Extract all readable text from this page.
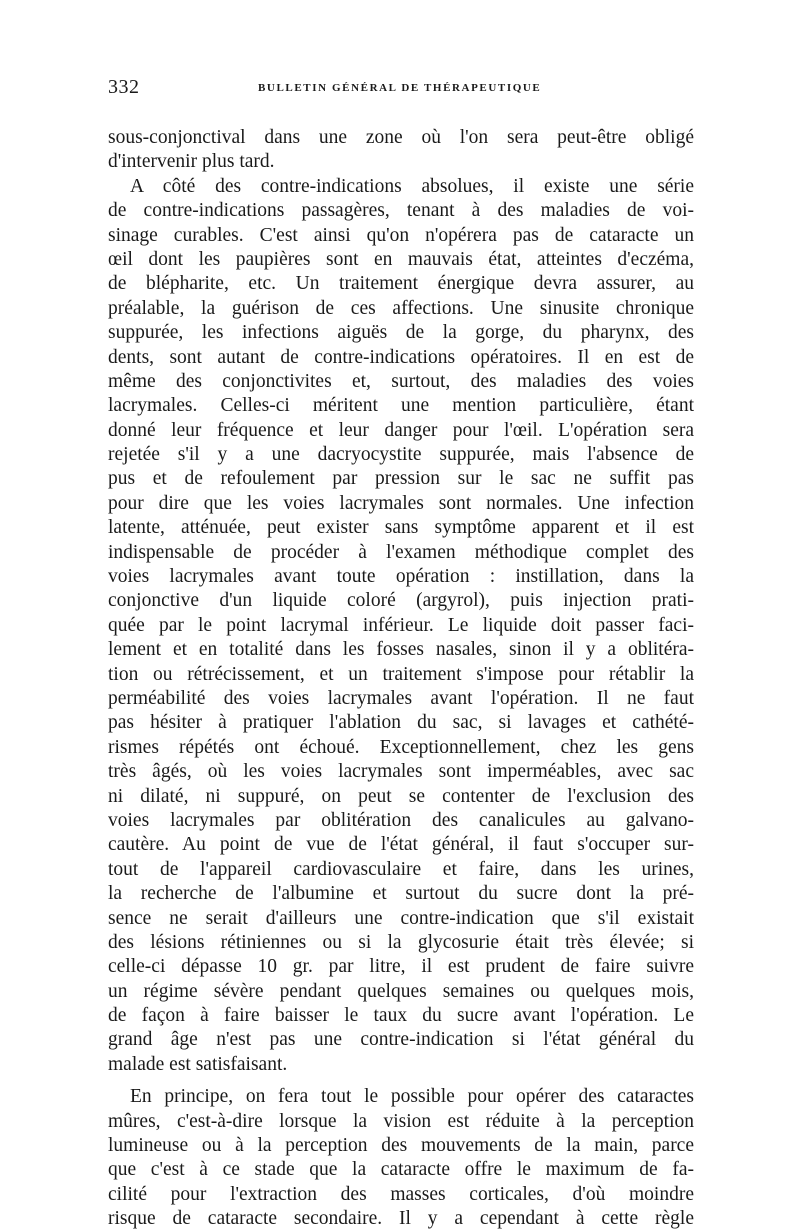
332	BULLETIN GÉNÉRAL DE THÉRAPEUTIQUE
sous-conjonctival dans une zone où l'on sera peut-être obligé
d'intervenir plus tard.
A côté des contre-indications absolues, il existe une série
de contre-indications passagères, tenant à des maladies de voi-
sinage curables. C'est ainsi qu'on n'opérera pas de cataracte un
œil dont les paupières sont en mauvais état, atteintes d'eczéma,
de blépharite, etc. Un traitement énergique devra assurer, au
préalable, la guérison de ces affections. Une sinusite chronique
suppurée, les infections aiguës de la gorge, du pharynx, des
dents, sont autant de contre-indications opératoires. Il en est de
même des conjonctivites et, surtout, des maladies des voies
lacrymales. Celles-ci méritent une mention particulière, étant
donné leur fréquence et leur danger pour l'œil. L'opération sera
rejetée s'il y a une dacryocystite suppurée, mais l'absence de
pus et de refoulement par pression sur le sac ne suffit pas
pour dire que les voies lacrymales sont normales. Une infection
latente, atténuée, peut exister sans symptôme apparent et il est
indispensable de procéder à l'examen méthodique complet des
voies lacrymales avant toute opération : instillation, dans la
conjonctive d'un liquide coloré (argyrol), puis injection prati-
quée par le point lacrymal inférieur. Le liquide doit passer faci-
lement et en totalité dans les fosses nasales, sinon il y a oblitéra-
tion ou rétrécissement, et un traitement s'impose pour rétablir la
perméabilité des voies lacrymales avant l'opération. Il ne faut
pas hésiter à pratiquer l'ablation du sac, si lavages et cathété-
rismes répétés ont échoué. Exceptionnellement, chez les gens
très âgés, où les voies lacrymales sont imperméables, avec sac
ni dilaté, ni suppuré, on peut se contenter de l'exclusion des
voies lacrymales par oblitération des canalicules au galvano-
cautère. Au point de vue de l'état général, il faut s'occuper sur-
tout de l'appareil cardiovasculaire et faire, dans les urines,
la recherche de l'albumine et surtout du sucre dont la pré-
sence ne serait d'ailleurs une contre-indication que s'il existait
des lésions rétiniennes ou si la glycosurie était très élevée; si
celle-ci dépasse 10 gr. par litre, il est prudent de faire suivre
un régime sévère pendant quelques semaines ou quelques mois,
de façon à faire baisser le taux du sucre avant l'opération. Le
grand âge n'est pas une contre-indication si l'état général du
malade est satisfaisant.
En principe, on fera tout le possible pour opérer des cataractes
mûres, c'est-à-dire lorsque la vision est réduite à la perception
lumineuse ou à la perception des mouvements de la main, parce
que c'est à ce stade que la cataracte offre le maximum de fa-
cilité pour l'extraction des masses corticales, d'où moindre
risque de cataracte secondaire. Il y a cependant à cette règle
